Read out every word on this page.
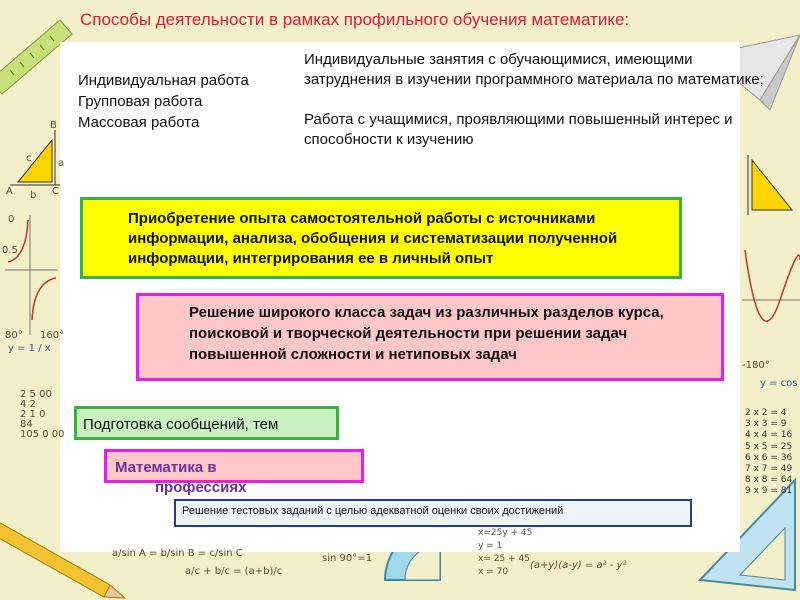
y = 1 / x
0
80° 160°
0.5
2 5 00
4 2
2 1 0
84
105 0 00
y = cos
-180°
2 x 2 = 4
3 x 3 = 9
4 x 4 = 16
5 x 5 = 25
6 x 6 = 36
7 x 7 = 49
8 x 8 = 64
9 x 9 = 81
a/sin A = b/sin B = c/sin C
a/c + b/c = (a+b)/c
sin 90°=1
x=25y + 45
y = 1
x= 25 + 45
x = 70
(a+y)(a-y) = a² - y²
B
A	C
a
b
c
Способы деятельности в рамках профильного обучения математике:
Индивидуальная работа
Групповая работа
Массовая работа

Индивидуальные занятия с обучающимися, имеющими затруднения в изучении программного материала по математике;

Работа с учащимися, проявляющими повышенный интерес и способности к изучению

Приобретение опыта самостоятельной работы с источниками информации, анализа, обобщения и систематизации полученной информации, интегрирования ее в личный опыт
Решение широкого класса задач из различных разделов курса, поисковой и творческой деятельности при решении задач повышенной сложности и нетиповых задач
Подготовка сообщений, тем
Математика в
профессиях
Решение тестовых заданий с целью адекватной оценки своих достижений
